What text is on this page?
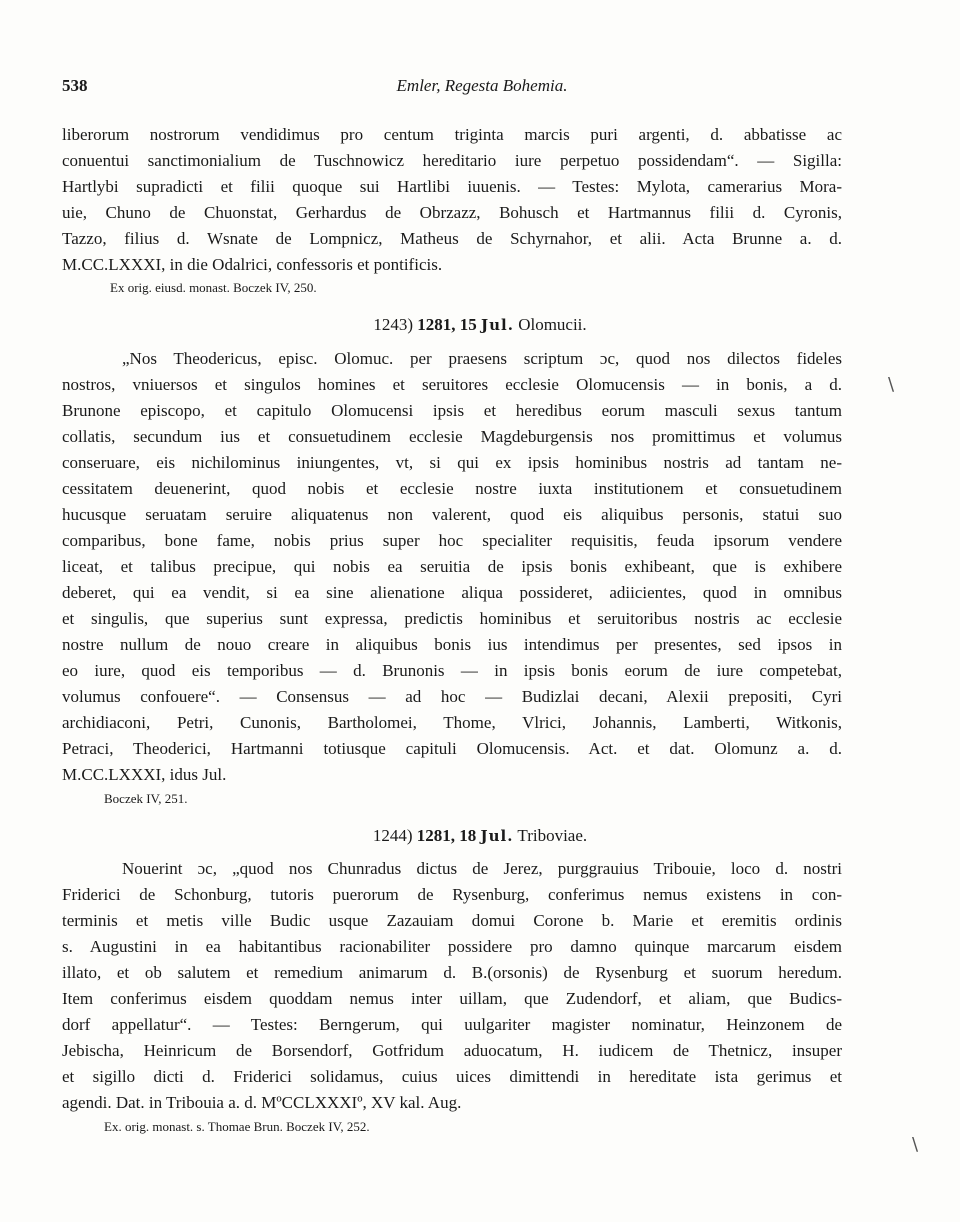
538	Emler, Regesta Bohemia.
liberorum nostrorum vendidimus pro centum triginta marcis puri argenti, d. abbatisse ac
conuentui sanctimonialium de Tuschnowicz hereditario iure perpetuo possidendam“. — Sigilla:
Hartlybi supradicti et filii quoque sui Hartlibi iuuenis. — Testes: Mylota, camerarius Mora-
uie, Chuno de Chuonstat, Gerhardus de Obrzazz, Bohusch et Hartmannus filii d. Cyronis,
Tazzo, filius d. Wsnate de Lompnicz, Matheus de Schyrnahor, et alii. Acta Brunne a. d.
M.CC.LXXXI, in die Odalrici, confessoris et pontificis.
Ex orig. eiusd. monast. Boczek IV, 250.
1243) 1281, 15 Jul. Olomucii.
„Nos Theodericus, episc. Olomuc. per praesens scriptum ɔc, quod nos dilectos fideles
nostros, vniuersos et singulos homines et seruitores ecclesie Olomucensis — in bonis, a d.
Brunone episcopo, et capitulo Olomucensi ipsis et heredibus eorum masculi sexus tantum
collatis, secundum ius et consuetudinem ecclesie Magdeburgensis nos promittimus et volumus
conseruare, eis nichilominus iniungentes, vt, si qui ex ipsis hominibus nostris ad tantam ne-
cessitatem deuenerint, quod nobis et ecclesie nostre iuxta institutionem et consuetudinem
hucusque seruatam seruire aliquatenus non valerent, quod eis aliquibus personis, statui suo
comparibus, bone fame, nobis prius super hoc specialiter requisitis, feuda ipsorum vendere
liceat, et talibus precipue, qui nobis ea seruitia de ipsis bonis exhibeant, que is exhibere
deberet, qui ea vendit, si ea sine alienatione aliqua possideret, adiicientes, quod in omnibus
et singulis, que superius sunt expressa, predictis hominibus et seruitoribus nostris ac ecclesie
nostre nullum de nouo creare in aliquibus bonis ius intendimus per presentes, sed ipsos in
eo iure, quod eis temporibus — d. Brunonis — in ipsis bonis eorum de iure competebat,
volumus confouere“. — Consensus — ad hoc — Budizlai decani, Alexii prepositi, Cyri
archidiaconi, Petri, Cunonis, Bartholomei, Thome, Vlrici, Johannis, Lamberti, Witkonis,
Petraci, Theoderici, Hartmanni totiusque capituli Olomucensis. Act. et dat. Olomunz a. d.
M.CC.LXXXI, idus Jul.
Boczek IV, 251.
1244) 1281, 18 Jul. Triboviae.
Nouerint ɔc, „quod nos Chunradus dictus de Jerez, purggrauius Tribouie, loco d. nostri
Friderici de Schonburg, tutoris puerorum de Rysenburg, conferimus nemus existens in con-
terminis et metis ville Budic usque Zazauiam domui Corone b. Marie et eremitis ordinis
s. Augustini in ea habitantibus racionabiliter possidere pro damno quinque marcarum eisdem
illato, et ob salutem et remedium animarum d. B.(orsonis) de Rysenburg et suorum heredum.
Item conferimus eisdem quoddam nemus inter uillam, que Zudendorf, et aliam, que Budics-
dorf appellatur“. — Testes: Berngerum, qui uulgariter magister nominatur, Heinzonem de
Jebischa, Heinricum de Borsendorf, Gotfridum aduocatum, H. iudicem de Thetnicz, insuper
et sigillo dicti d. Friderici solidamus, cuius uices dimittendi in hereditate ista gerimus et
agendi. Dat. in Tribouia a. d. MºCCLXXXIº, XV kal. Aug.
Ex. orig. monast. s. Thomae Brun. Boczek IV, 252.
\
\
